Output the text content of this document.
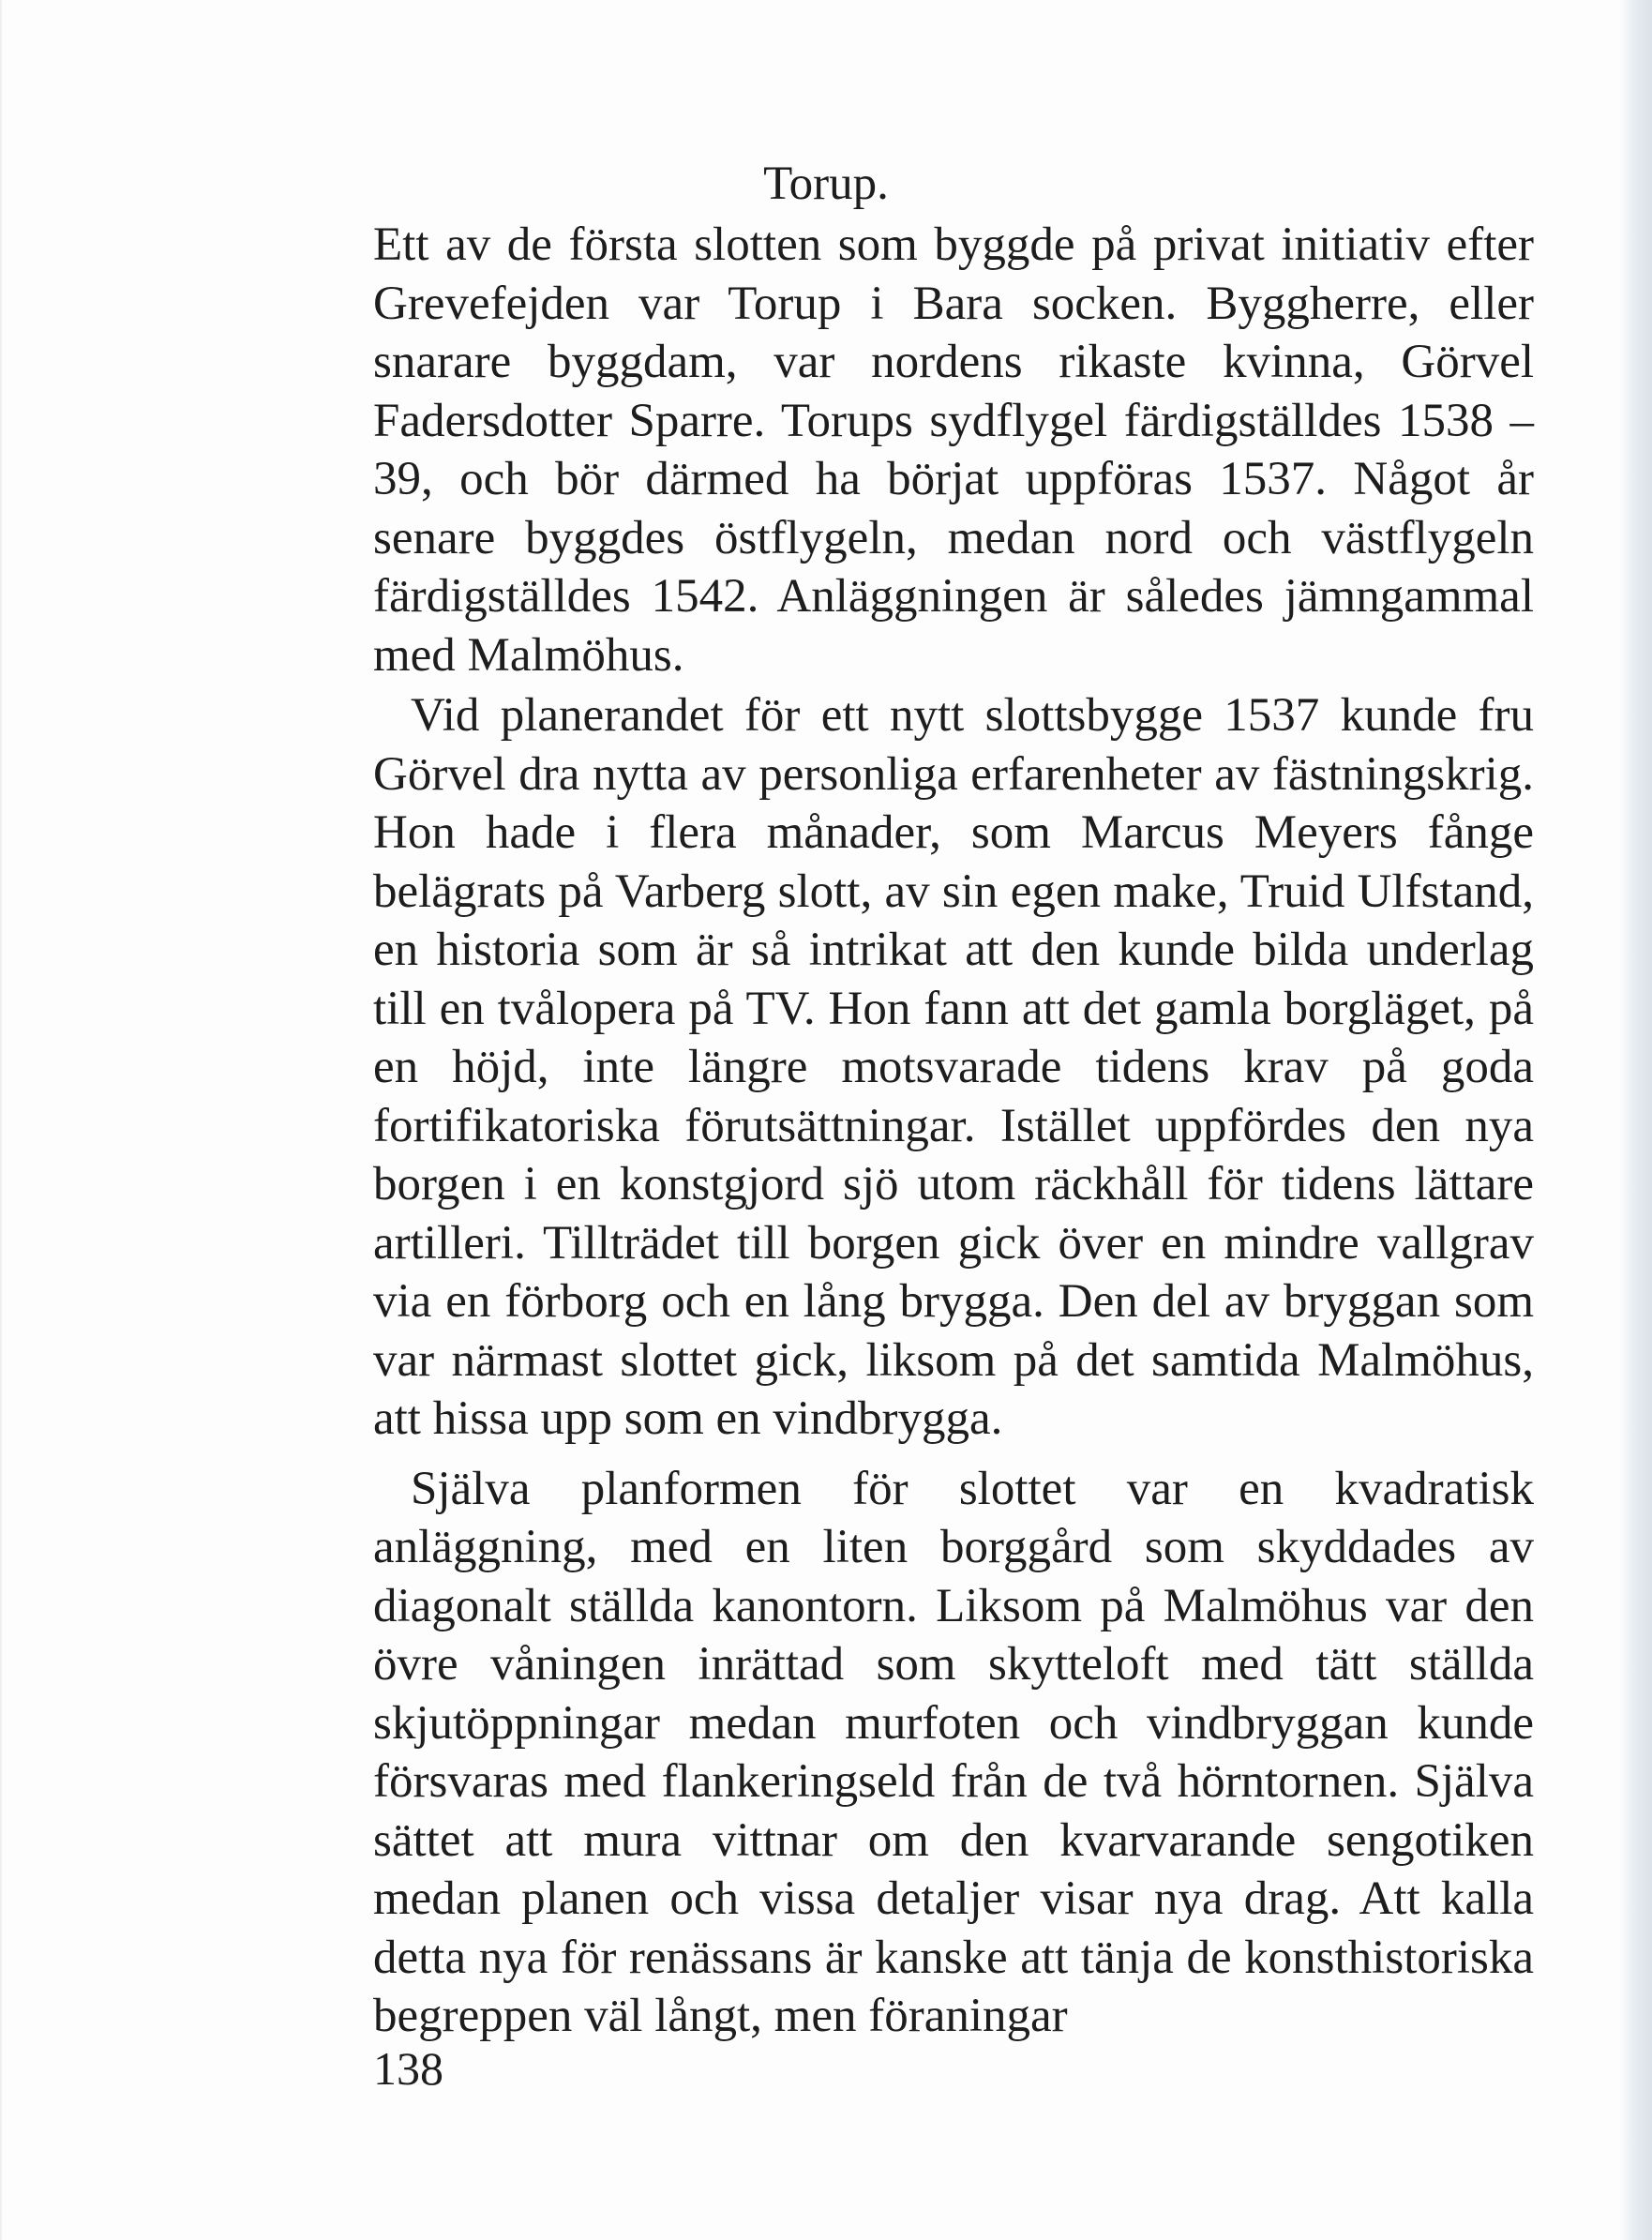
Torup.

Ett av de första slotten som byggde på privat initiativ efter Grevefejden var Torup i Bara socken. Byggherre, eller snarare byggdam, var nordens rikaste kvinna, Görvel Fadersdotter Sparre. Torups sydflygel färdigställdes 1538 – 39, och bör därmed ha börjat uppföras 1537. Något år senare byggdes östflygeln, medan nord och västflygeln färdigställdes 1542. Anläggningen är således jämngammal med Malmöhus.

Vid planerandet för ett nytt slottsbygge 1537 kunde fru Görvel dra nytta av personliga erfarenheter av fästningskrig. Hon hade i flera månader, som Marcus Meyers fånge belägrats på Varberg slott, av sin egen make, Truid Ulfstand, en historia som är så intrikat att den kunde bilda underlag till en tvålopera på TV. Hon fann att det gamla borgläget, på en höjd, inte längre motsvarade tidens krav på goda fortifikatoriska förutsättningar. Istället uppfördes den nya borgen i en konstgjord sjö utom räckhåll för tidens lättare artilleri. Tillträdet till borgen gick över en mindre vallgrav via en förborg och en lång brygga. Den del av bryggan som var närmast slottet gick, liksom på det samtida Malmöhus, att hissa upp som en vindbrygga.

Själva planformen för slottet var en kvadratisk anläggning, med en liten borggård som skyddades av diagonalt ställda kanontorn. Liksom på Malmöhus var den övre våningen inrättad som skytteloft med tätt ställda skjutöppningar medan murfoten och vindbryggan kunde försvaras med flankeringseld från de två hörntornen. Själva sättet att mura vittnar om den kvarvarande sengotiken medan planen och vissa detaljer visar nya drag. Att kalla detta nya för renässans är kanske att tänja de konsthistoriska begreppen väl långt, men föraningar

138
